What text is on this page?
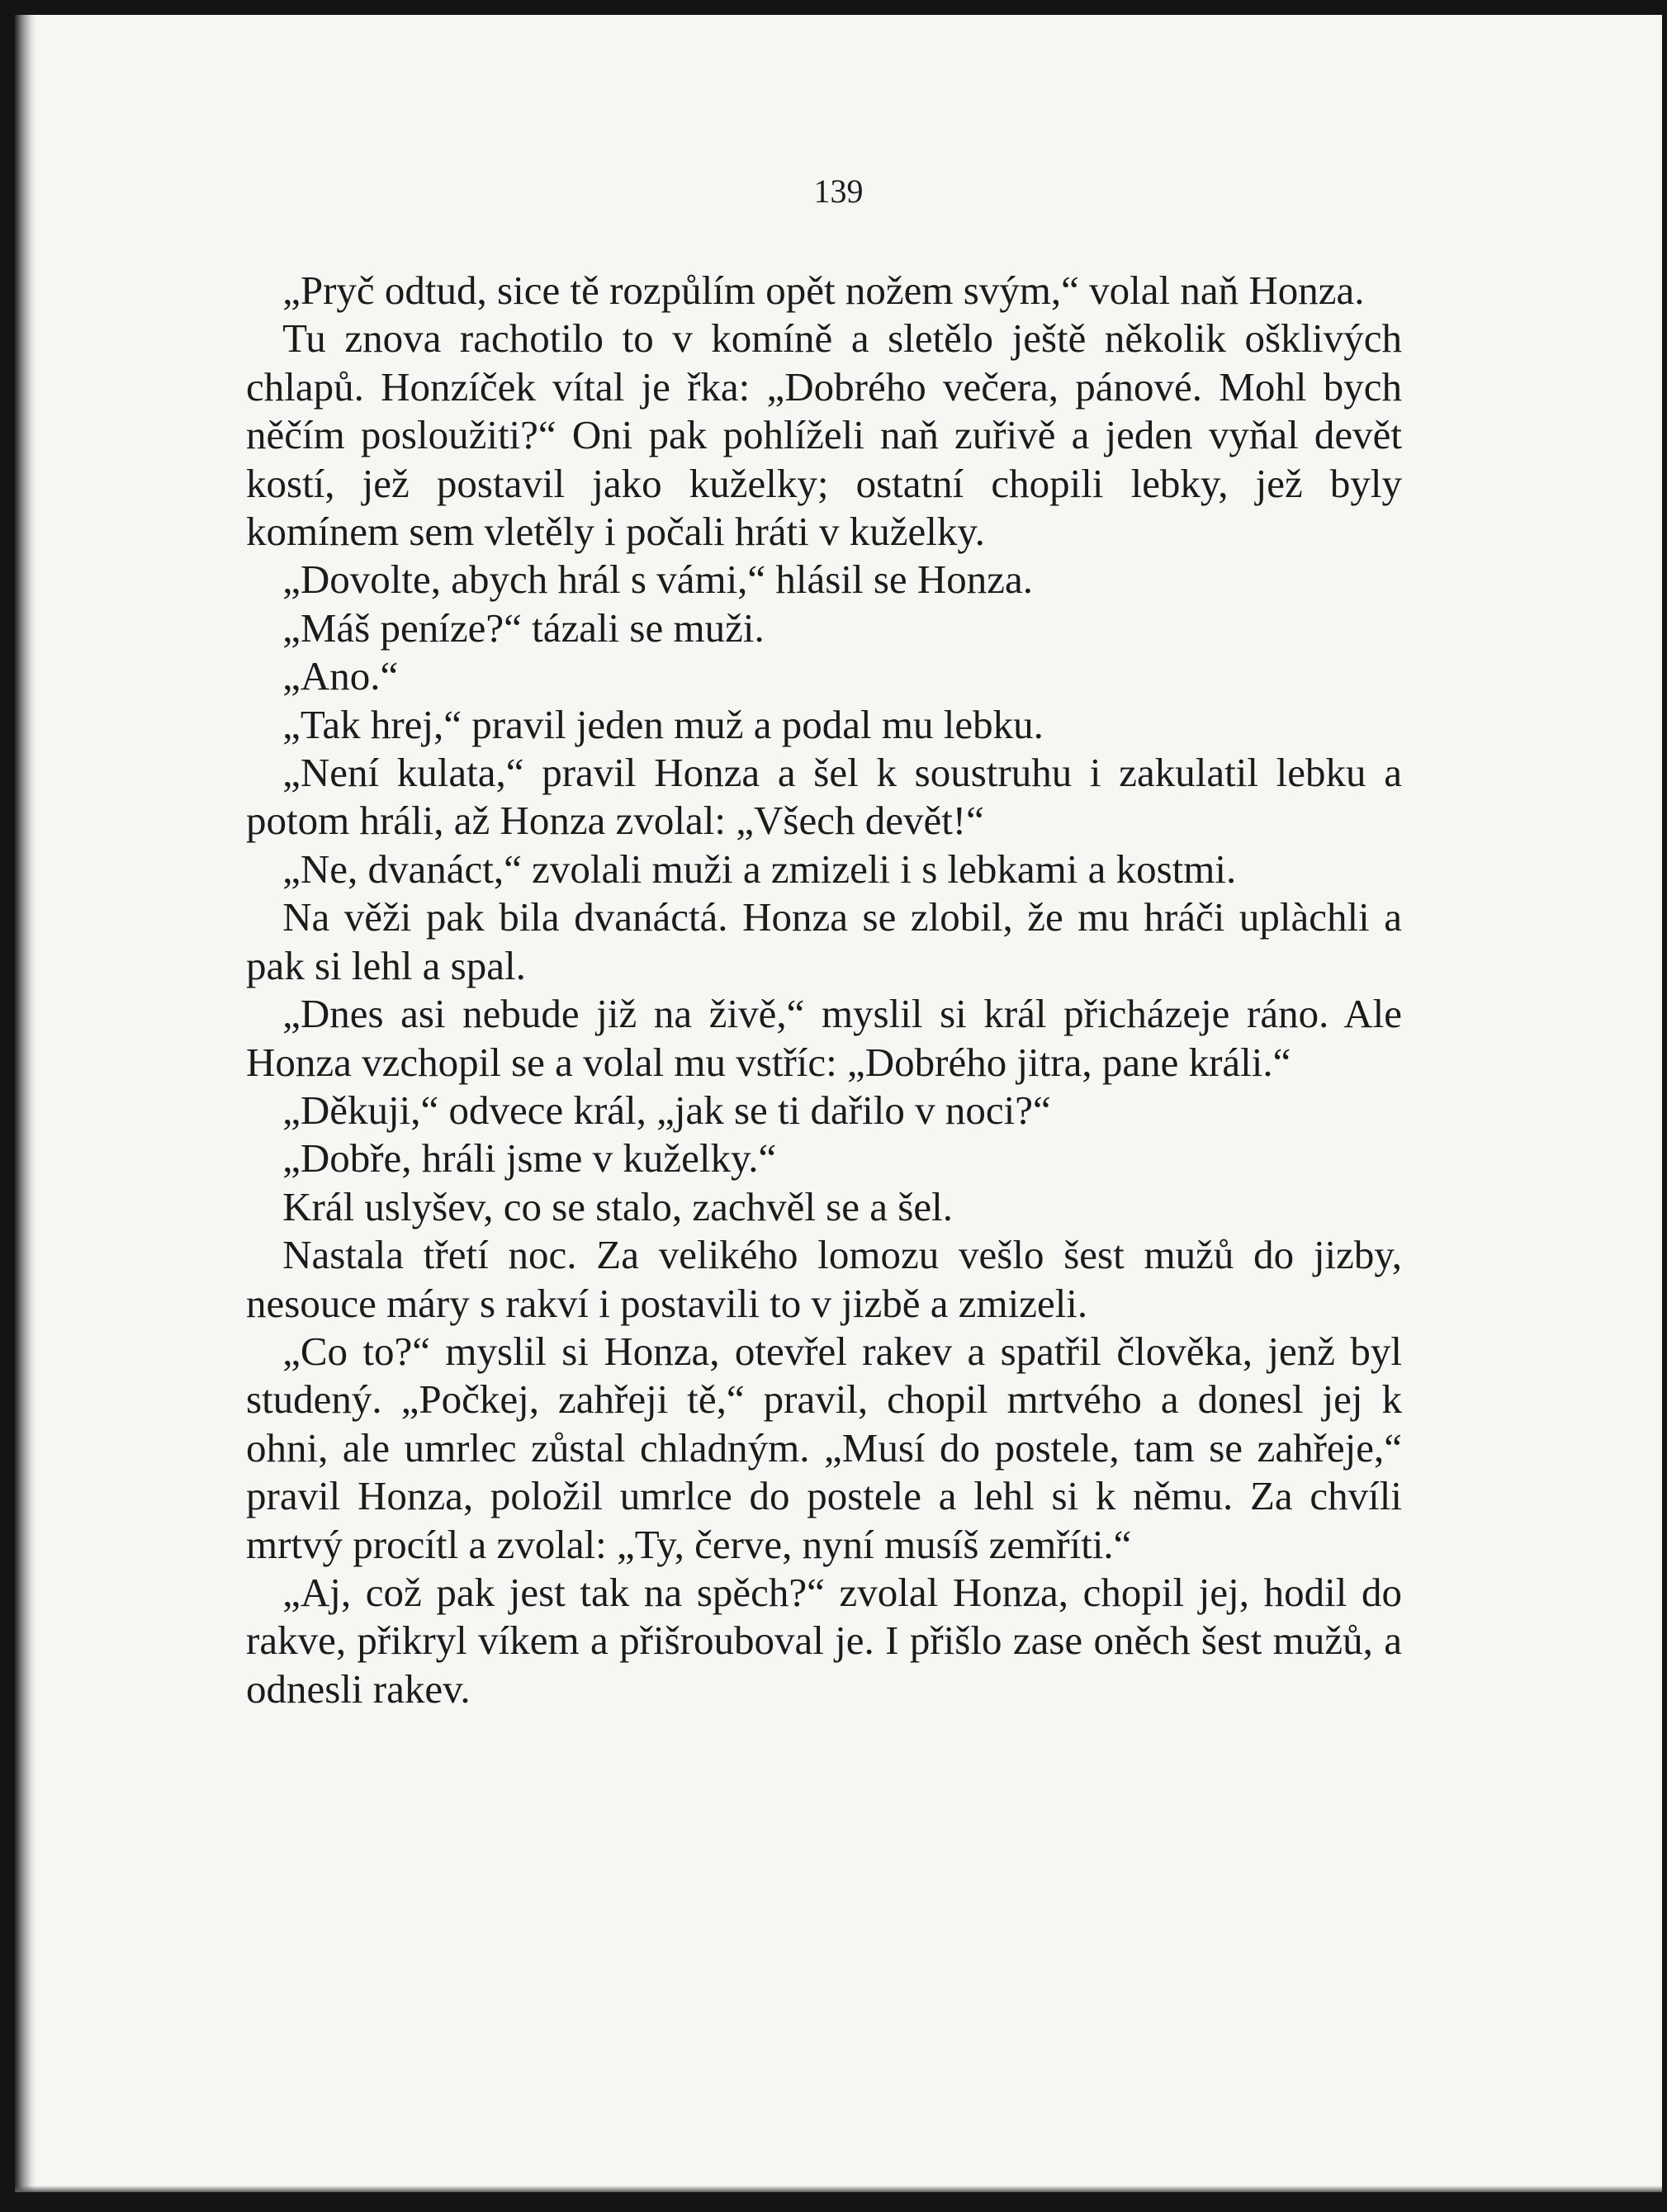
139

„Pryč odtud, sice tě rozpůlím opět nožem svým,“ volal naň Honza.

Tu znova rachotilo to v komíně a sletělo ještě několik ošklivých chlapů. Honzíček vítal je řka: „Dobrého večera, pánové. Mohl bych něčím posloužiti?“ Oni pak pohlíželi naň zuřivě a jeden vyňal devět kostí, jež postavil jako kuželky; ostatní chopili lebky, jež byly komínem sem vletěly i počali hráti v kuželky.

„Dovolte, abych hrál s vámi,“ hlásil se Honza.

„Máš peníze?“ tázali se muži.

„Ano.“

„Tak hrej,“ pravil jeden muž a podal mu lebku.

„Není kulata,“ pravil Honza a šel k soustruhu i zakulatil lebku a potom hráli, až Honza zvolal: „Všech devět!“

„Ne, dvanáct,“ zvolali muži a zmizeli i s lebkami a kostmi.

Na věži pak bila dvanáctá. Honza se zlobil, že mu hráči uplàchli a pak si lehl a spal.

„Dnes asi nebude již na živě,“ myslil si král přicházeje ráno. Ale Honza vzchopil se a volal mu vstříc: „Dobrého jitra, pane králi.“

„Děkuji,“ odvece král, „jak se ti dařilo v noci?“

„Dobře, hráli jsme v kuželky.“

Král uslyšev, co se stalo, zachvěl se a šel.

Nastala třetí noc. Za velikého lomozu vešlo šest mužů do jizby, nesouce máry s rakví i postavili to v jizbě a zmizeli.

„Co to?“ myslil si Honza, otevřel rakev a spatřil člověka, jenž byl studený. „Počkej, zahřeji tě,“ pravil, chopil mrtvého a donesl jej k ohni, ale umrlec zůstal chladným. „Musí do postele, tam se zahřeje,“ pravil Honza, položil umrlce do postele a lehl si k němu. Za chvíli mrtvý procítl a zvolal: „Ty, červe, nyní musíš zemříti.“

„Aj, což pak jest tak na spěch?“ zvolal Honza, chopil jej, hodil do rakve, přikryl víkem a přišrouboval je. I přišlo zase oněch šest mužů, a odnesli rakev.
